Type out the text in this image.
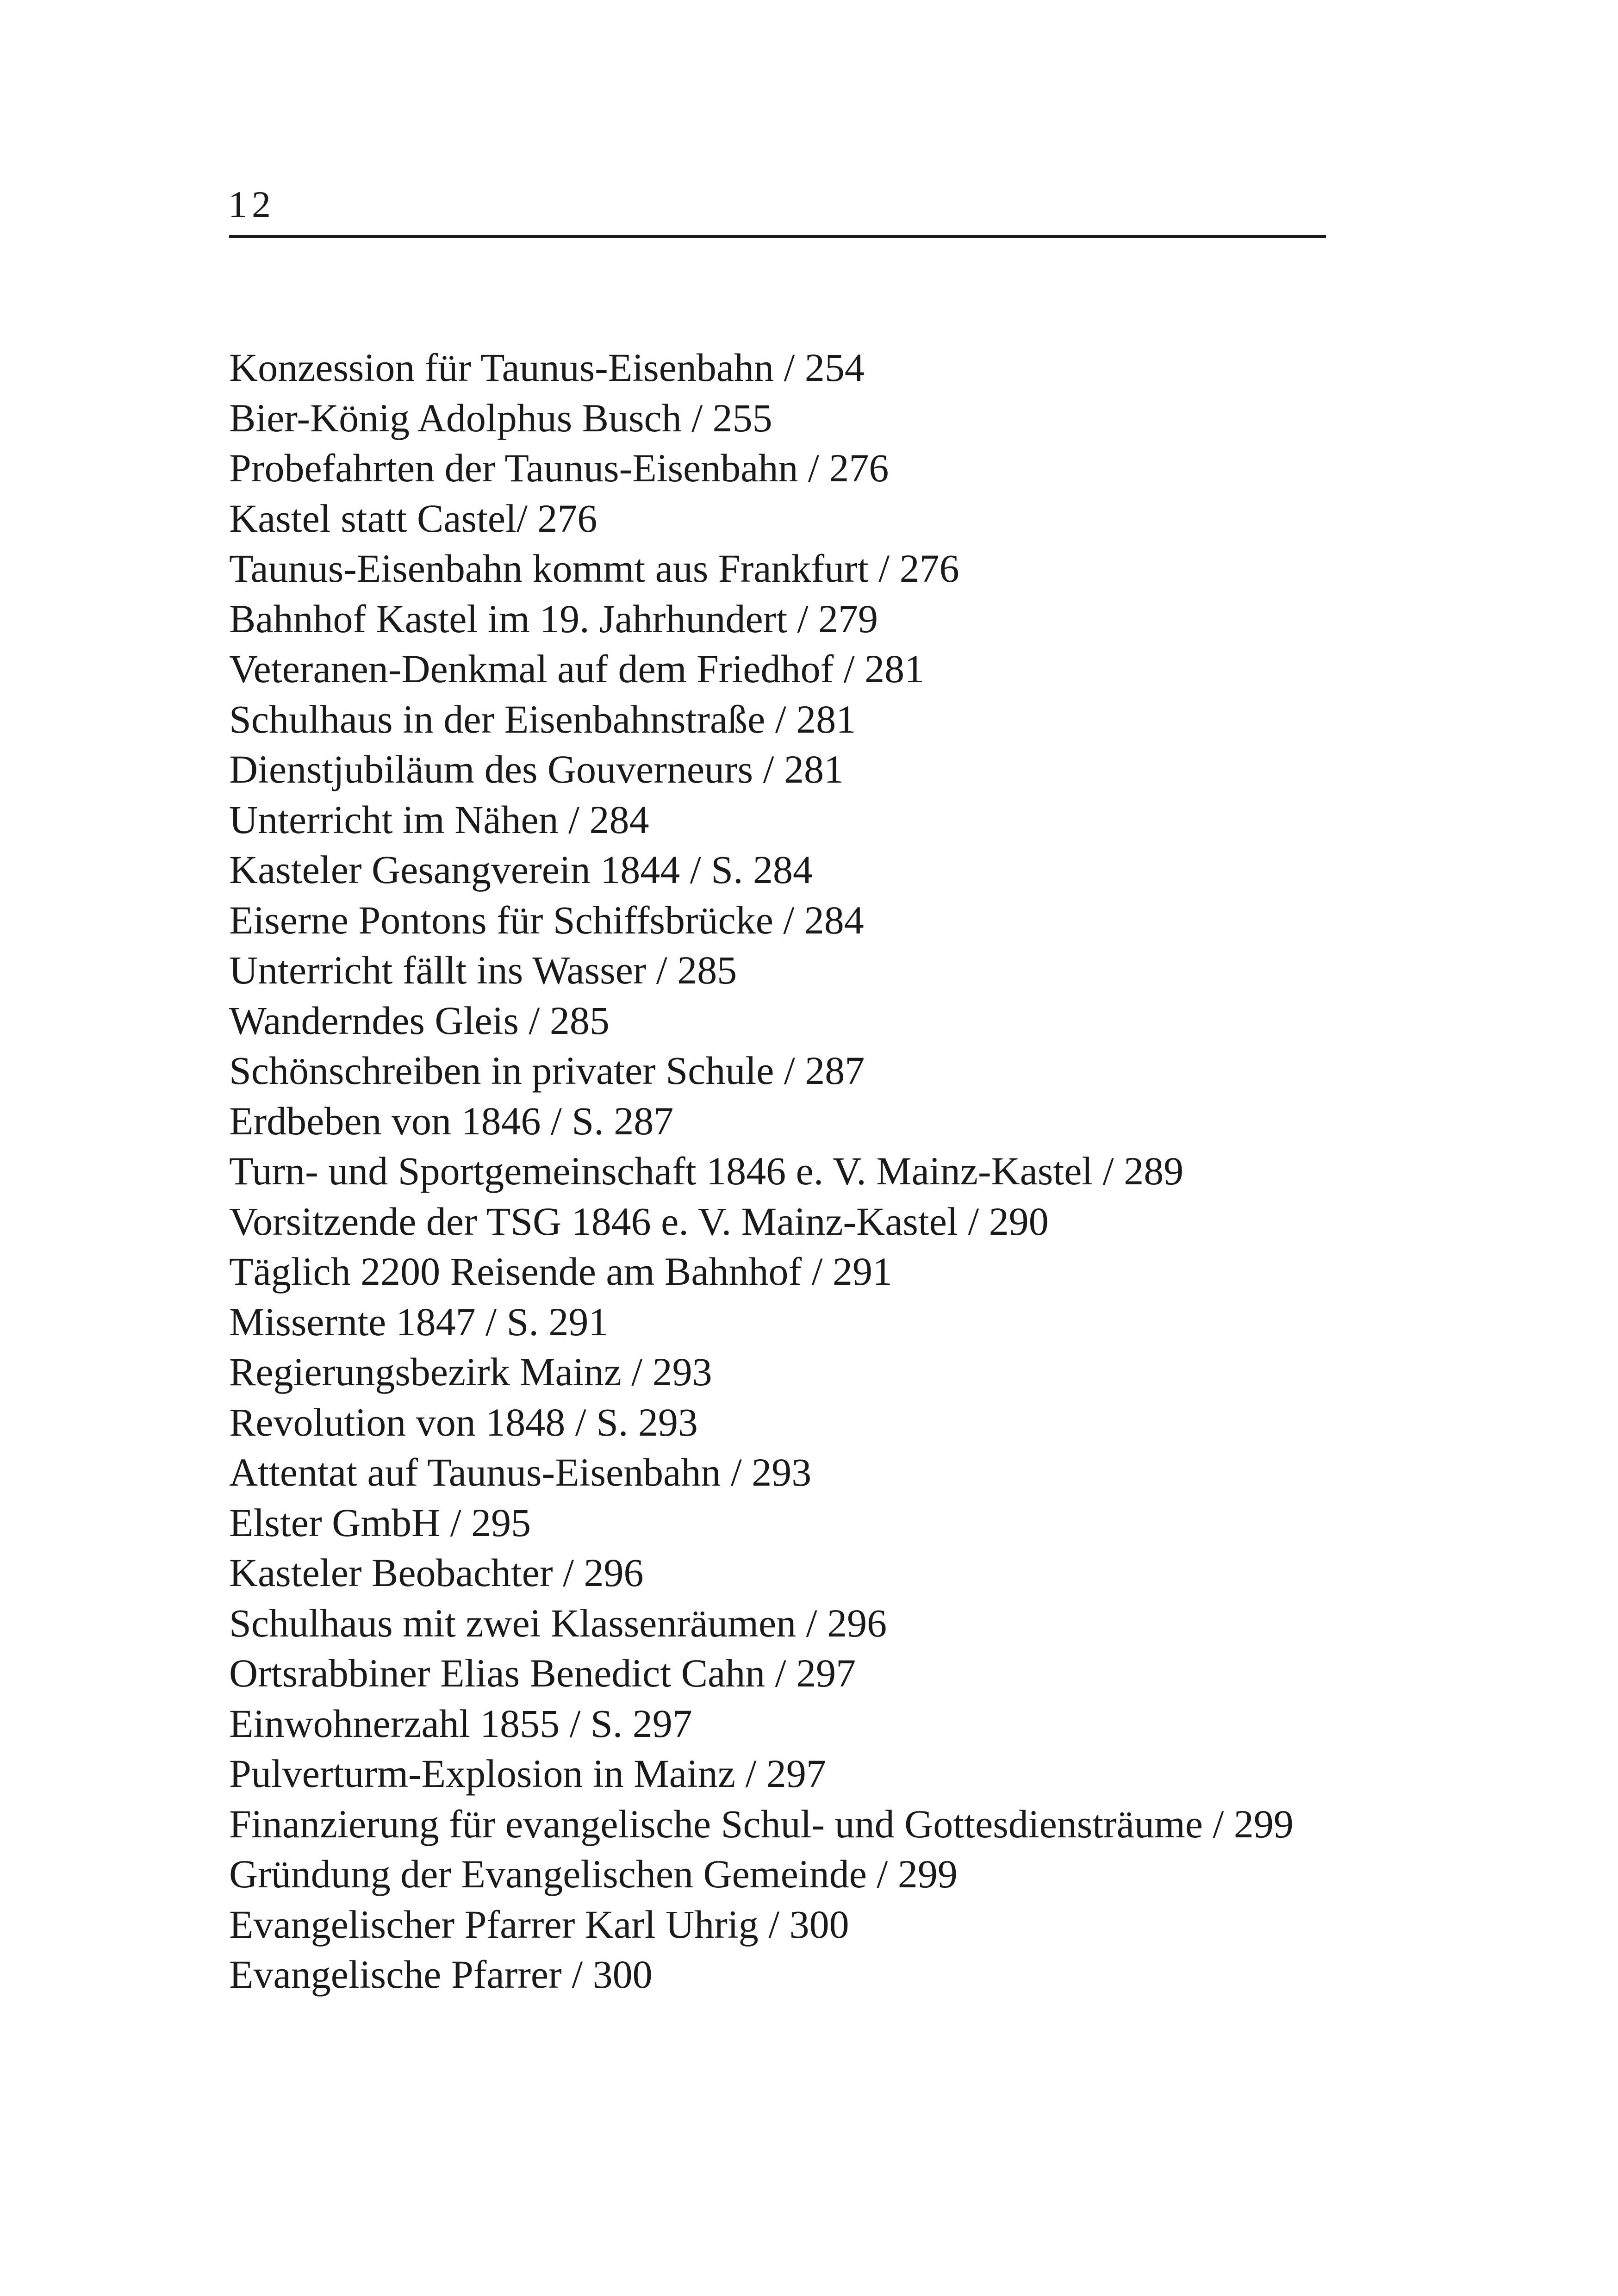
12
Konzession für Taunus-Eisenbahn / 254
Bier-König Adolphus Busch / 255
Probefahrten der Taunus-Eisenbahn / 276
Kastel statt Castel/ 276
Taunus-Eisenbahn kommt aus Frankfurt / 276
Bahnhof Kastel im 19. Jahrhundert / 279
Veteranen-Denkmal auf dem Friedhof / 281
Schulhaus in der Eisenbahnstraße / 281
Dienstjubiläum des Gouverneurs / 281
Unterricht im Nähen / 284
Kasteler Gesangverein 1844 / S. 284
Eiserne Pontons für Schiffsbrücke / 284
Unterricht fällt ins Wasser / 285
Wanderndes Gleis / 285
Schönschreiben in privater Schule / 287
Erdbeben von 1846 / S. 287
Turn- und Sportgemeinschaft 1846 e. V. Mainz-Kastel / 289
Vorsitzende der TSG 1846 e. V. Mainz-Kastel / 290
Täglich 2200 Reisende am Bahnhof / 291
Missernte 1847 / S. 291
Regierungsbezirk Mainz / 293
Revolution von 1848 / S. 293
Attentat auf Taunus-Eisenbahn / 293
Elster GmbH / 295
Kasteler Beobachter / 296
Schulhaus mit zwei Klassenräumen / 296
Ortsrabbiner Elias Benedict Cahn / 297
Einwohnerzahl 1855 / S. 297
Pulverturm-Explosion in Mainz / 297
Finanzierung für evangelische Schul- und Gottesdiensträume / 299
Gründung der Evangelischen Gemeinde / 299
Evangelischer Pfarrer Karl Uhrig / 300
Evangelische Pfarrer / 300
